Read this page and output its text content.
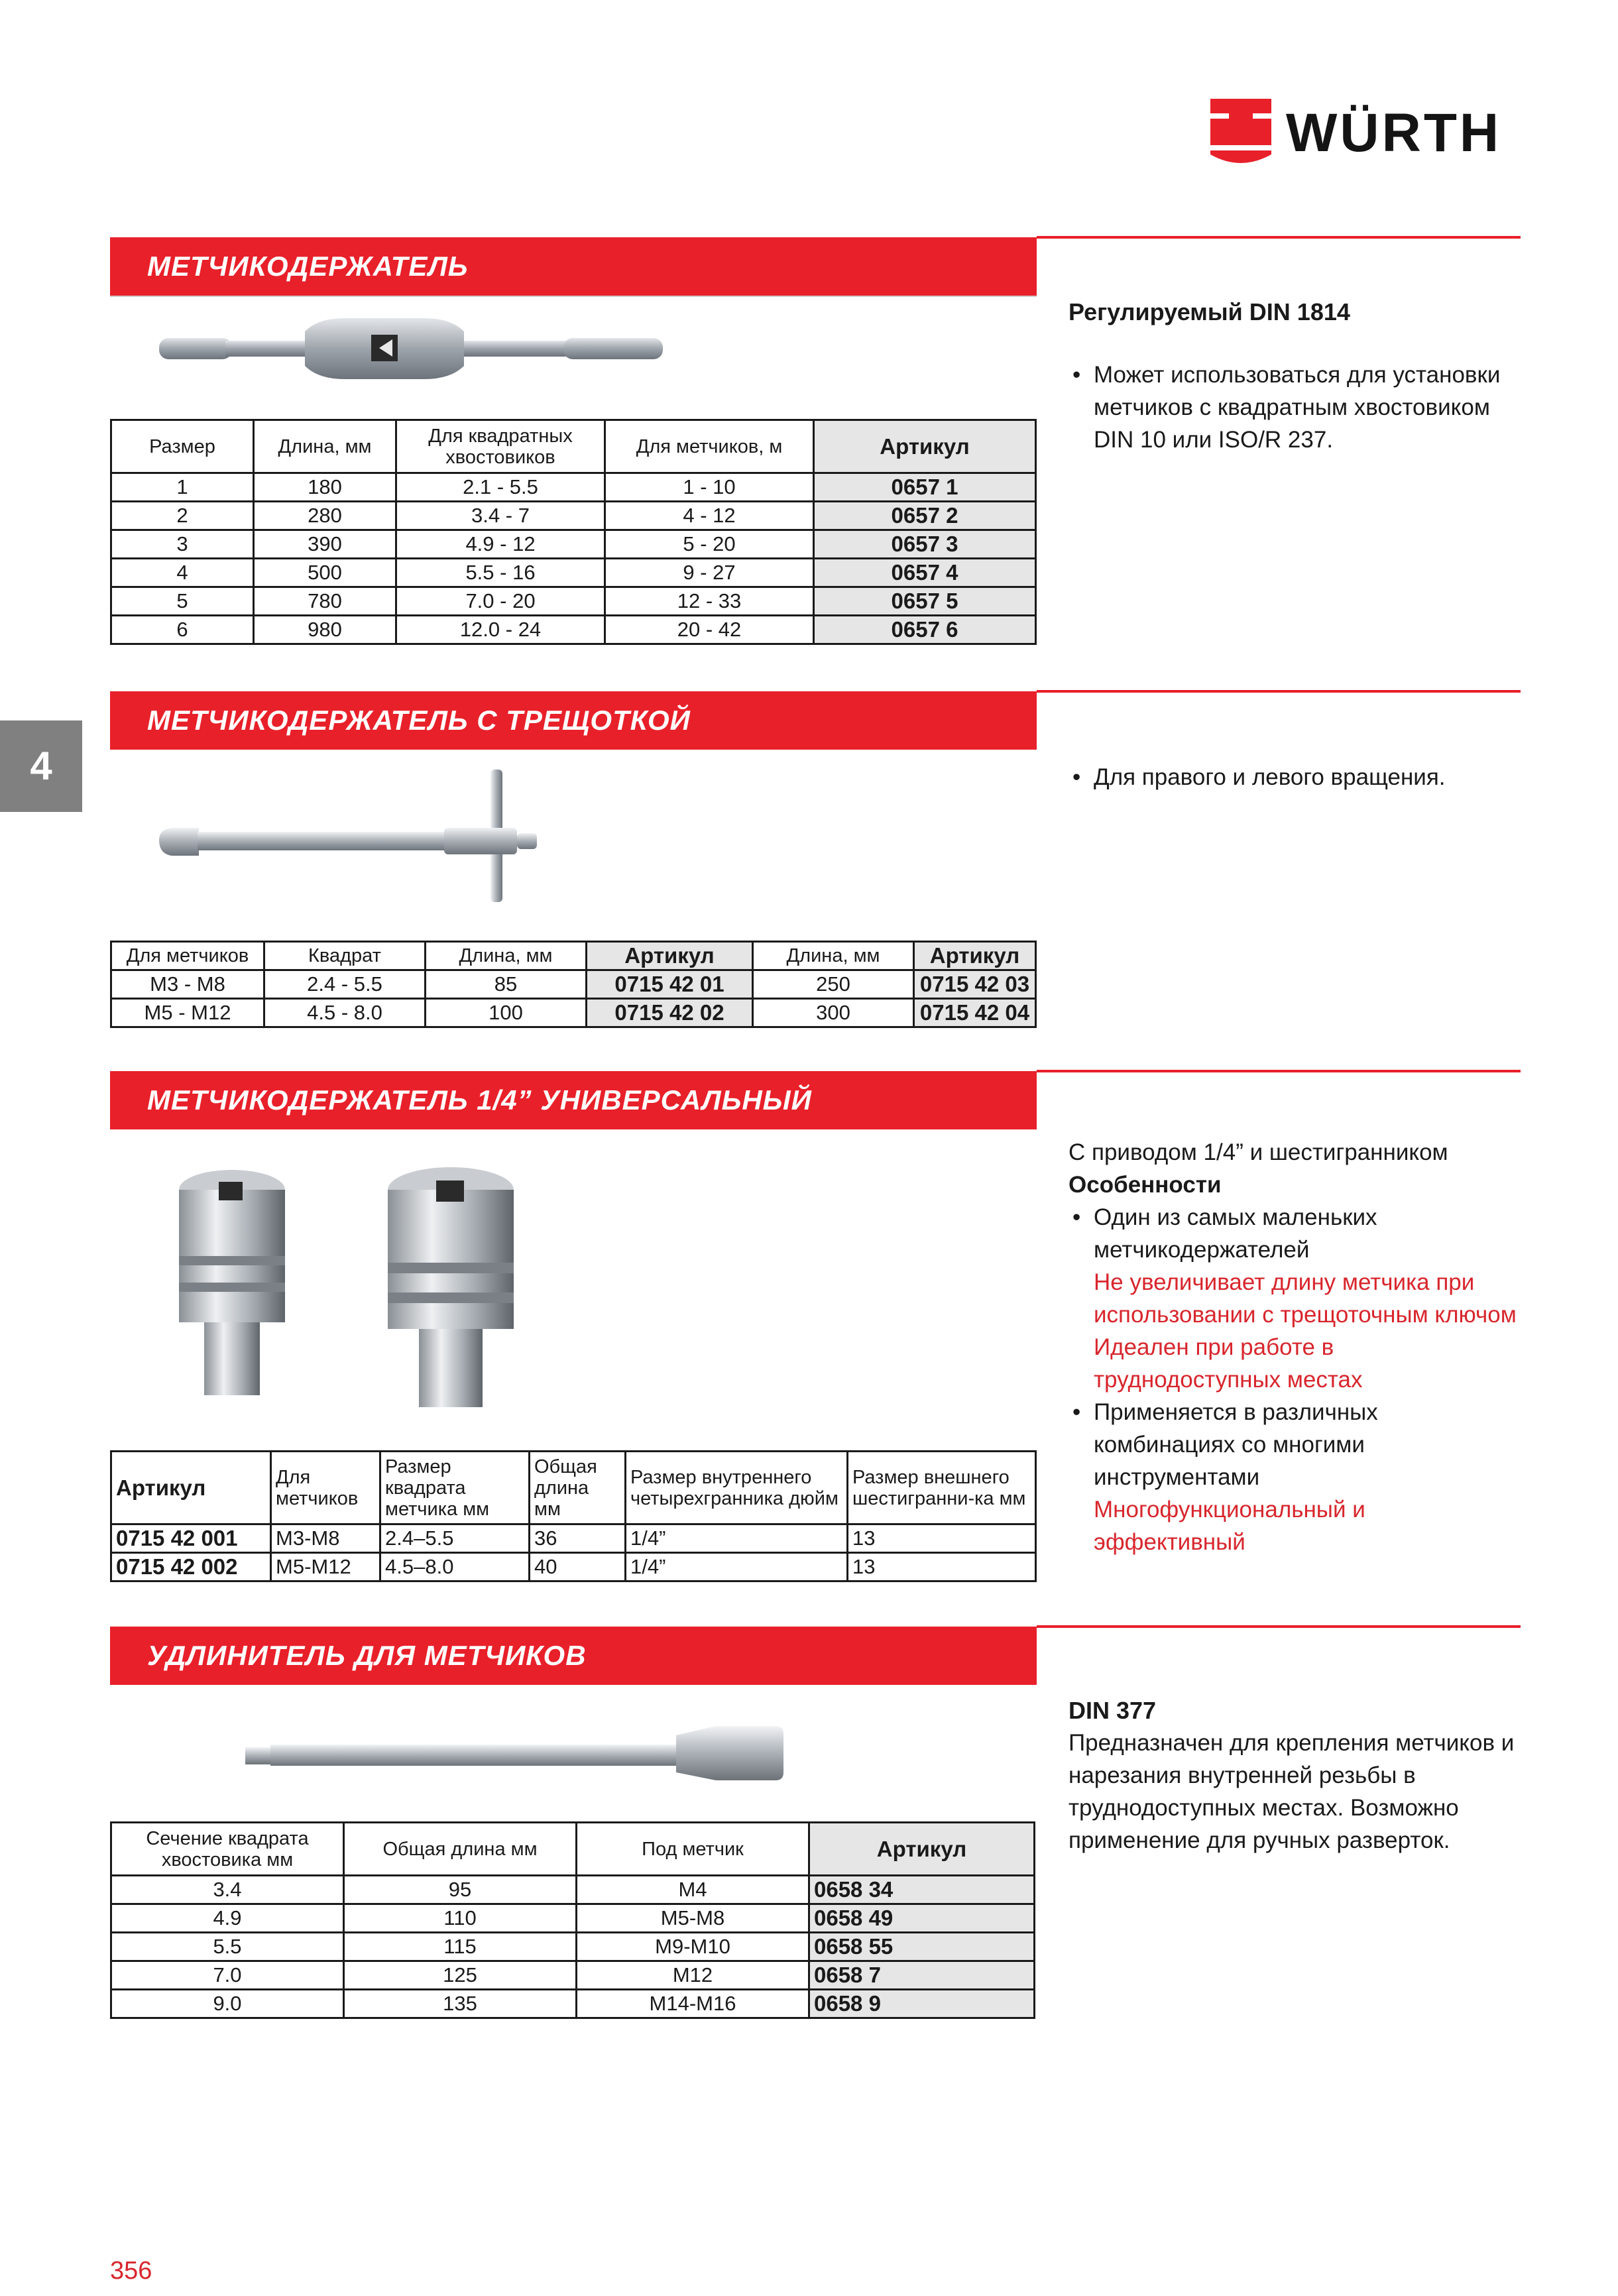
WÜRTH
4
МЕТЧИКОДЕРЖАТЕЛЬ
Размер	Длина, мм	Для квадратных хвостовиков	Для метчиков, м	Артикул
1	180	2.1 - 5.5	1 - 10	0657 1
2	280	3.4 - 7	4 - 12	0657 2
3	390	4.9 - 12	5 - 20	0657 3
4	500	5.5 - 16	9 - 27	0657 4
5	780	7.0 - 20	12 - 33	0657 5
6	980	12.0 - 24	20 - 42	0657 6
Регулируемый DIN 1814
• Может использоваться для установки метчиков с квадратным хвостовиком DIN 10 или ISO/R 237.
МЕТЧИКОДЕРЖАТЕЛЬ С ТРЕЩОТКОЙ
Для метчиков	Квадрат	Длина, мм	Артикул	Длина, мм	Артикул
M3 - M8	2.4 - 5.5	85	0715 42 01	250	0715 42 03
M5 - M12	4.5 - 8.0	100	0715 42 02	300	0715 42 04
• Для правого и левого вращения.
МЕТЧИКОДЕРЖАТЕЛЬ 1/4” УНИВЕРСАЛЬНЫЙ
Артикул	Для метчиков	Размер квадрата метчика мм	Общая длина мм	Размер внутреннего четырехгранника дюйм	Размер внешнего шестигранни-ка мм
0715 42 001	M3-M8	2.4–5.5	36	1/4”	13
0715 42 002	M5-M12	4.5–8.0	40	1/4”	13
С приводом 1/4” и шестигранником
Особенности
• Один из самых маленьких метчикодержателей
Не увеличивает длину метчика при использовании с трещоточным ключом
Идеален при работе в труднодоступных местах
• Применяется в различных комбинациях со многими инструментами
Многофункциональный и эффективный
УДЛИНИТЕЛЬ ДЛЯ МЕТЧИКОВ
Сечение квадрата хвостовика мм	Общая длина мм	Под метчик	Артикул
3.4	95	M4	0658 34
4.9	110	M5-M8	0658 49
5.5	115	M9-M10	0658 55
7.0	125	M12	0658 7
9.0	135	M14-M16	0658 9
DIN 377
Предназначен для крепления метчиков и нарезания внутренней резьбы в труднодоступных местах. Возможно применение для ручных разверток.
356
